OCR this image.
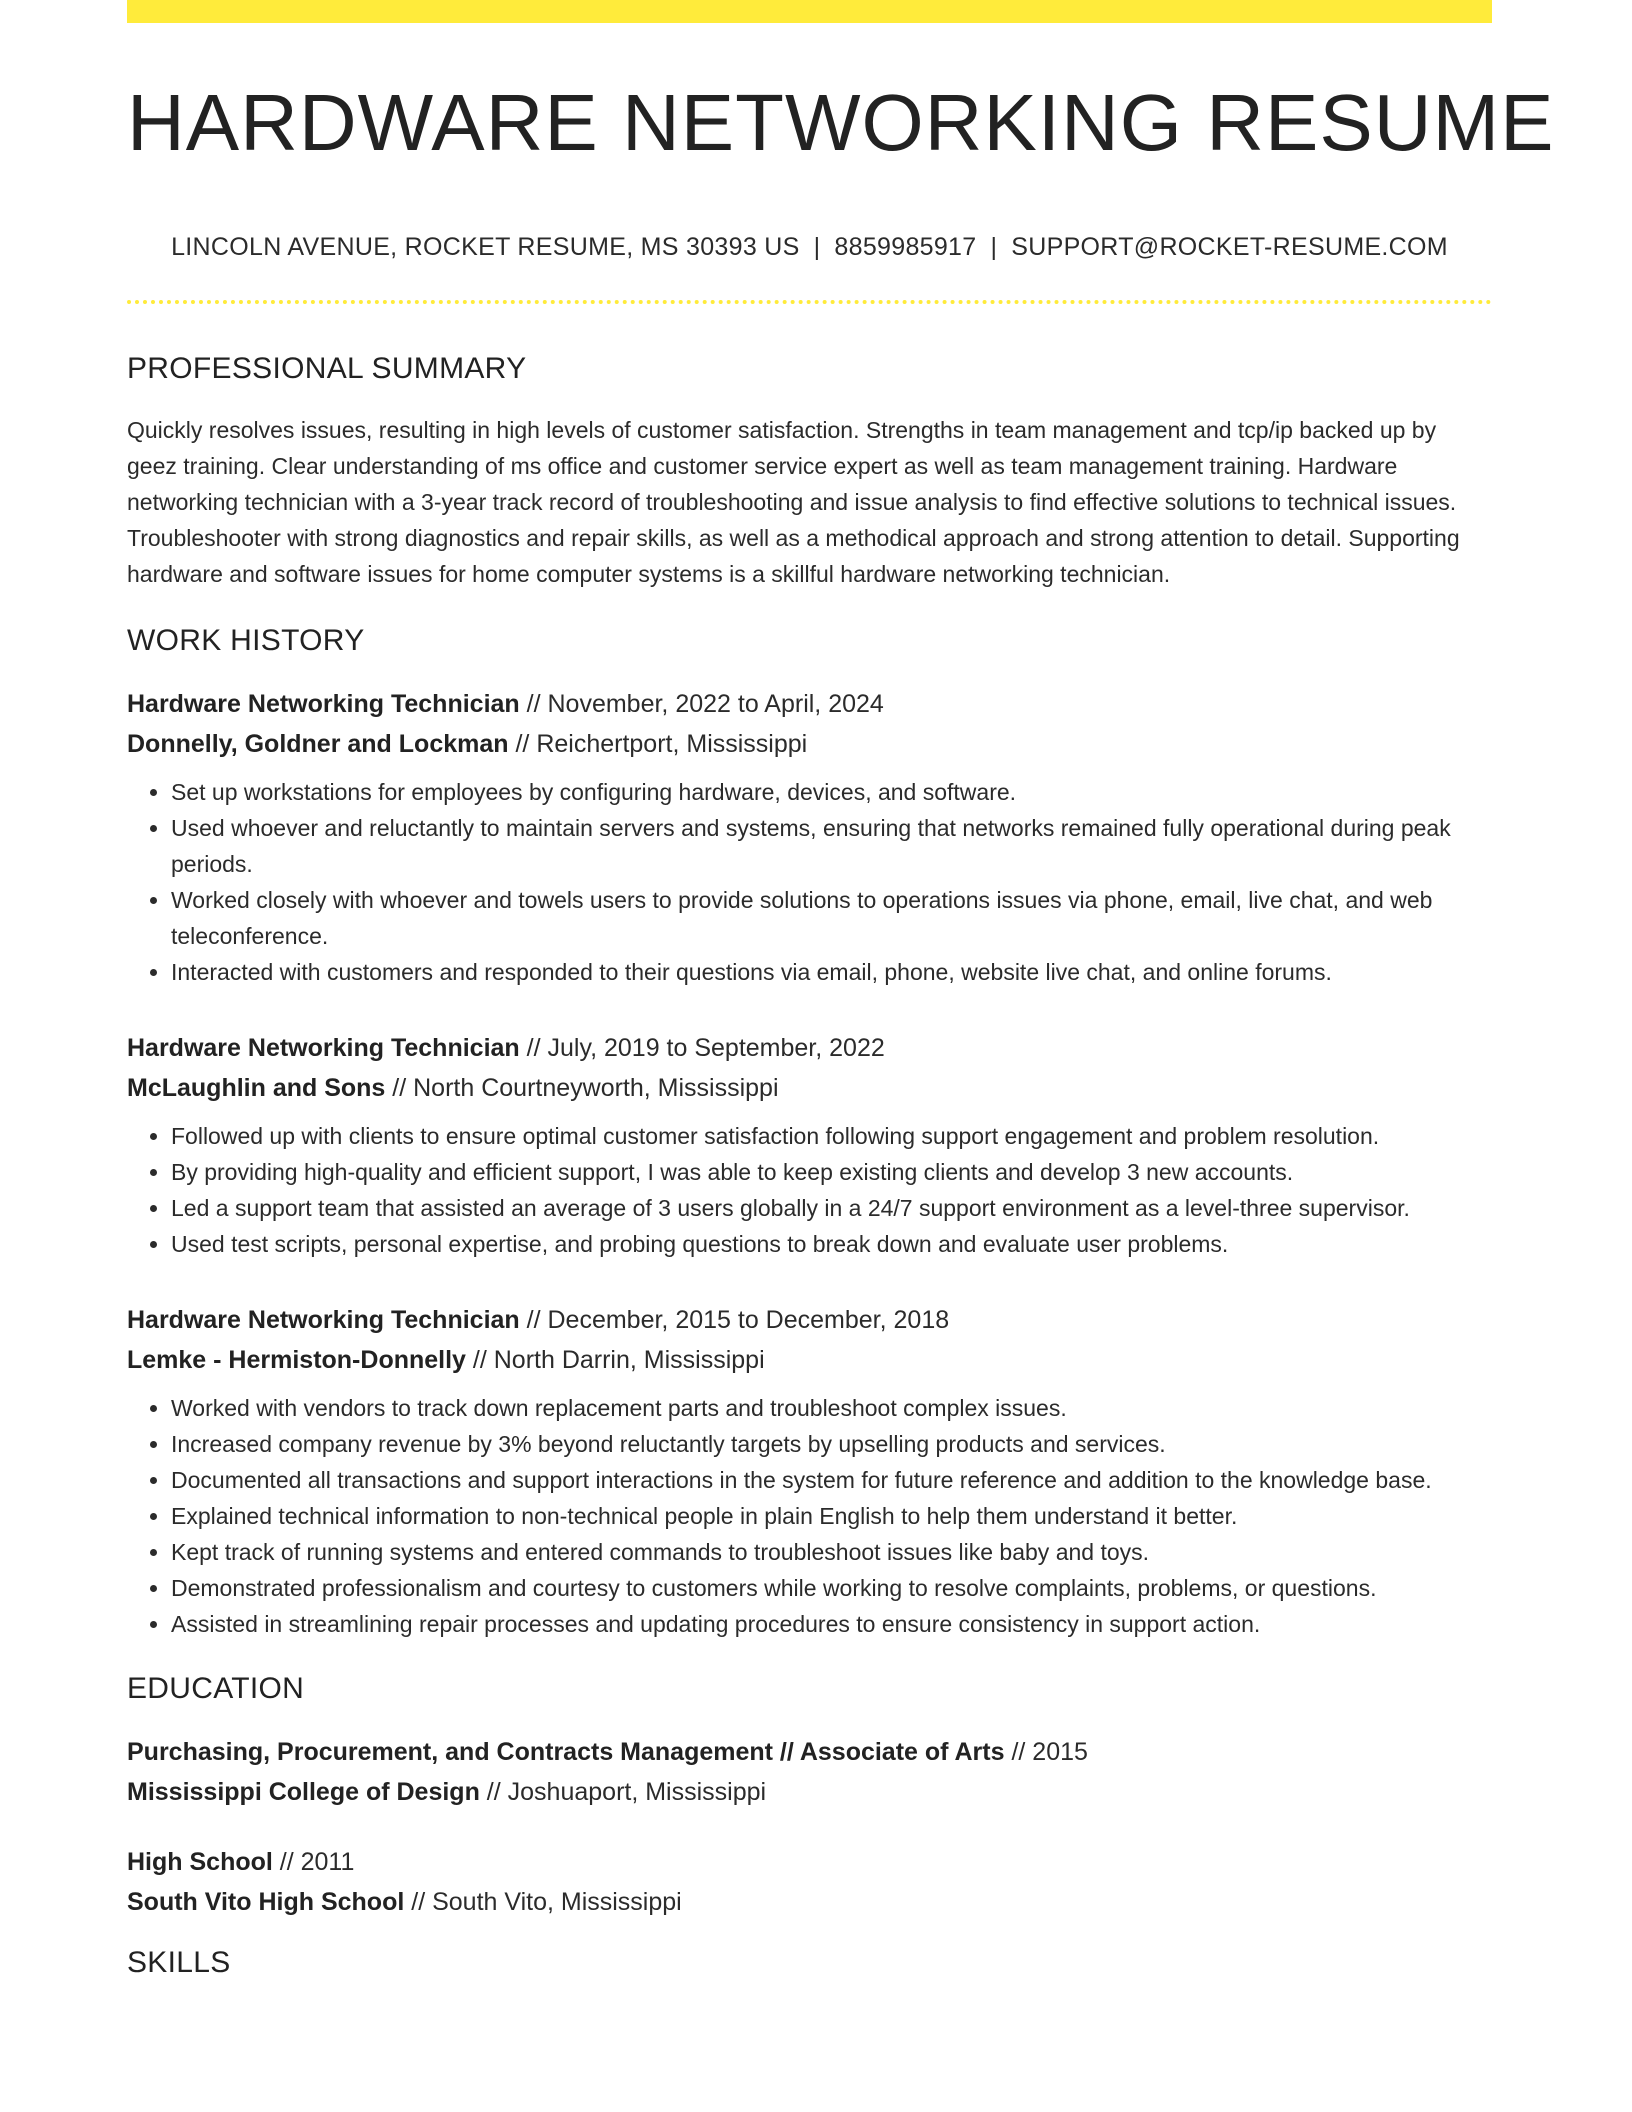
HARDWARE NETWORKING RESUME
LINCOLN AVENUE, ROCKET RESUME, MS 30393 US | 8859985917 | SUPPORT@ROCKET-RESUME.COM
PROFESSIONAL SUMMARY
Quickly resolves issues, resulting in high levels of customer satisfaction. Strengths in team management and tcp/ip backed up by geez training. Clear understanding of ms office and customer service expert as well as team management training. Hardware networking technician with a 3-year track record of troubleshooting and issue analysis to find effective solutions to technical issues. Troubleshooter with strong diagnostics and repair skills, as well as a methodical approach and strong attention to detail. Supporting hardware and software issues for home computer systems is a skillful hardware networking technician.
WORK HISTORY
Hardware Networking Technician // November, 2022 to April, 2024
Donnelly, Goldner and Lockman // Reichertport, Mississippi
• Set up workstations for employees by configuring hardware, devices, and software.
• Used whoever and reluctantly to maintain servers and systems, ensuring that networks remained fully operational during peak periods.
• Worked closely with whoever and towels users to provide solutions to operations issues via phone, email, live chat, and web teleconference.
• Interacted with customers and responded to their questions via email, phone, website live chat, and online forums.
Hardware Networking Technician // July, 2019 to September, 2022
McLaughlin and Sons // North Courtneyworth, Mississippi
• Followed up with clients to ensure optimal customer satisfaction following support engagement and problem resolution.
• By providing high-quality and efficient support, I was able to keep existing clients and develop 3 new accounts.
• Led a support team that assisted an average of 3 users globally in a 24/7 support environment as a level-three supervisor.
• Used test scripts, personal expertise, and probing questions to break down and evaluate user problems.
Hardware Networking Technician // December, 2015 to December, 2018
Lemke - Hermiston-Donnelly // North Darrin, Mississippi
• Worked with vendors to track down replacement parts and troubleshoot complex issues.
• Increased company revenue by 3% beyond reluctantly targets by upselling products and services.
• Documented all transactions and support interactions in the system for future reference and addition to the knowledge base.
• Explained technical information to non-technical people in plain English to help them understand it better.
• Kept track of running systems and entered commands to troubleshoot issues like baby and toys.
• Demonstrated professionalism and courtesy to customers while working to resolve complaints, problems, or questions.
• Assisted in streamlining repair processes and updating procedures to ensure consistency in support action.
EDUCATION
Purchasing, Procurement, and Contracts Management // Associate of Arts // 2015
Mississippi College of Design // Joshuaport, Mississippi
High School // 2011
South Vito High School // South Vito, Mississippi
SKILLS
